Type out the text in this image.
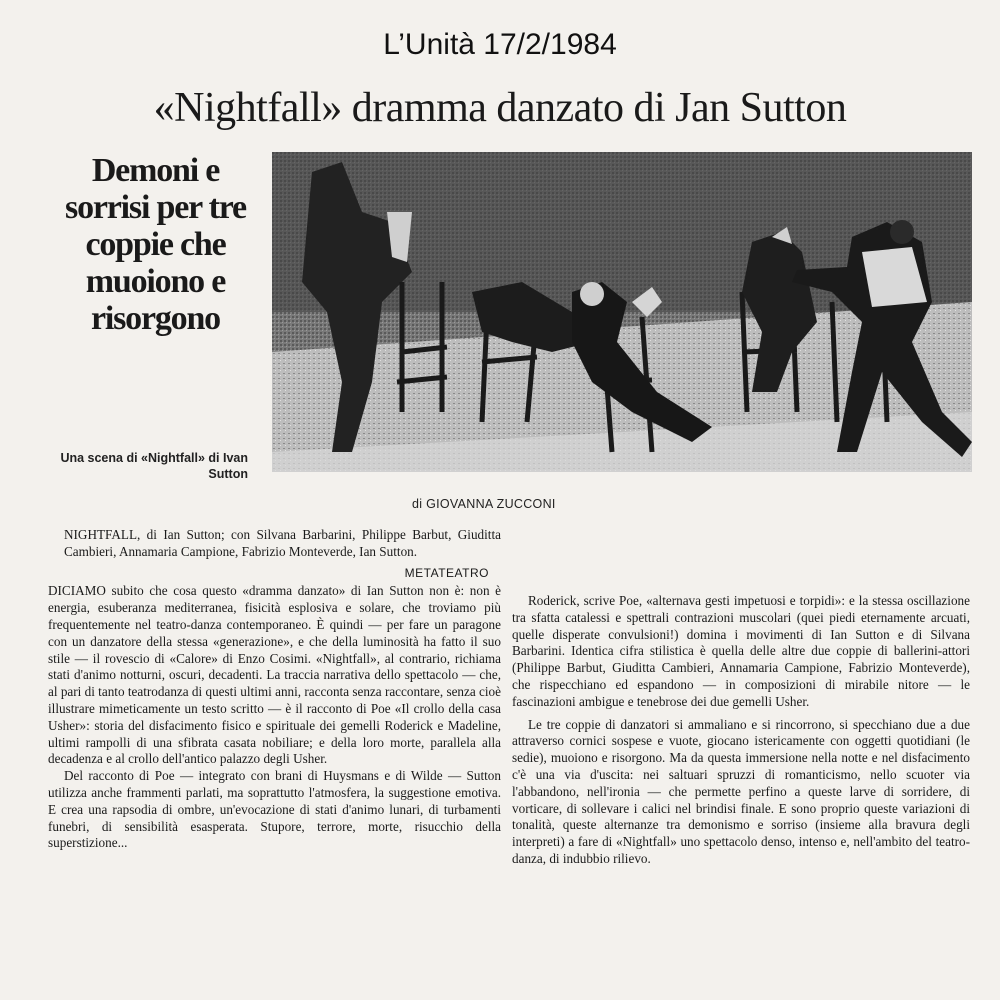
L’Unità 17/2/1984
«Nightfall» dramma danzato di Jan Sutton
Demoni e sorrisi per tre coppie che muoiono e risorgono
Una scena di «Nightfall» di Ivan Sutton
di GIOVANNA ZUCCONI

NIGHTFALL, di Ian Sutton; con Silvana Barbarini, Philippe Barbut, Giuditta Cambieri, Annamaria Campione, Fabrizio Monteverde, Ian Sutton.

METATEATRO

DICIAMO subito che cosa questo «dramma danzato» di Ian Sutton non è: non è energia, esuberanza mediterranea, fisicità esplosiva e solare, che troviamo più frequentemente nel teatro-danza contemporaneo. È quindi — per fare un paragone con un danzatore della stessa «generazione», e che della luminosità ha fatto il suo stile — il rovescio di «Calore» di Enzo Cosimi. «Nightfall», al contrario, richiama stati d'animo notturni, oscuri, decadenti. La traccia narrativa dello spettacolo — che, al pari di tanto teatrodanza di questi ultimi anni, racconta senza raccontare, senza cioè illustrare mimeticamente un testo scritto — è il racconto di Poe «Il crollo della casa Usher»: storia del disfacimento fisico e spirituale dei gemelli Roderick e Madeline, ultimi rampolli di una sfibrata casata nobiliare; e della loro morte, parallela alla decadenza e al crollo dell'antico palazzo degli Usher.

Del racconto di Poe — integrato con brani di Huysmans e di Wilde — Sutton utilizza anche frammenti parlati, ma soprattutto l'atmosfera, la suggestione emotiva. E crea una rapsodia di ombre, un'evocazione di stati d'animo lunari, di turbamenti funebri, di sensibilità esasperata. Stupore, terrore, morte, risucchio della superstizione...

Roderick, scrive Poe, «alternava gesti impetuosi e torpidi»: e la stessa oscillazione tra sfatta catalessi e spettrali contrazioni muscolari (quei piedi eternamente arcuati, quelle disperate convulsioni!) domina i movimenti di Ian Sutton e di Silvana Barbarini. Identica cifra stilistica è quella delle altre due coppie di ballerini-attori (Philippe Barbut, Giuditta Cambieri, Annamaria Campione, Fabrizio Monteverde), che rispecchiano ed espandono — in composizioni di mirabile nitore — le fascinazioni ambigue e tenebrose dei due gemelli Usher.

Le tre coppie di danzatori si ammaliano e si rincorrono, si specchiano due a due attraverso cornici sospese e vuote, giocano istericamente con oggetti quotidiani (le sedie), muoiono e risorgono. Ma da questa immersione nella notte e nel disfacimento c'è una via d'uscita: nei saltuari spruzzi di romanticismo, nello scuoter via l'abbandono, nell'ironia — che permette perfino a queste larve di sorridere, di vorticare, di sollevare i calici nel brindisi finale. E sono proprio queste variazioni di tonalità, queste alternanze tra demonismo e sorriso (insieme alla bravura degli interpreti) a fare di «Nightfall» uno spettacolo denso, intenso e, nell'ambito del teatro-danza, di indubbio rilievo.
